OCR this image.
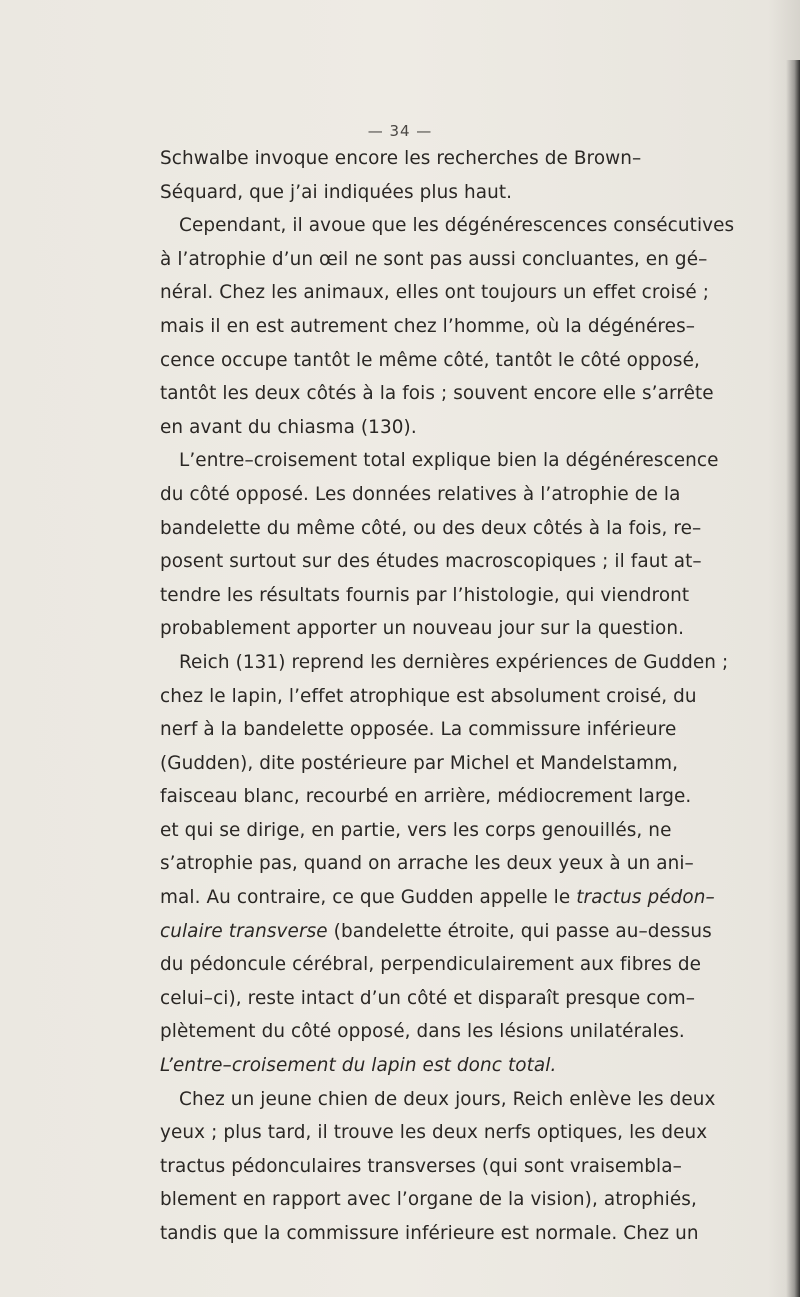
— 34 —
Schwalbe invoque encore les recherches de Brown–
Séquard, que j’ai indiquées plus haut.
Cependant, il avoue que les dégénérescences consécutives
à l’atrophie d’un œil ne sont pas aussi concluantes, en gé–
néral. Chez les animaux, elles ont toujours un effet croisé ;
mais il en est autrement chez l’homme, où la dégénéres–
cence occupe tantôt le même côté, tantôt le côté opposé,
tantôt les deux côtés à la fois ; souvent encore elle s’arrête
en avant du chiasma (130).
L’entre–croisement total explique bien la dégénérescence
du côté opposé. Les données relatives à l’atrophie de la
bandelette du même côté, ou des deux côtés à la fois, re–
posent surtout sur des études macroscopiques ; il faut at–
tendre les résultats fournis par l’histologie, qui viendront
probablement apporter un nouveau jour sur la question.
Reich (131) reprend les dernières expériences de Gudden ;
chez le lapin, l’effet atrophique est absolument croisé, du
nerf à la bandelette opposée. La commissure inférieure
(Gudden), dite postérieure par Michel et Mandelstamm,
faisceau blanc, recourbé en arrière, médiocrement large.
et qui se dirige, en partie, vers les corps genouillés, ne
s’atrophie pas, quand on arrache les deux yeux à un ani–
mal. Au contraire, ce que Gudden appelle le tractus pédon–
culaire transverse (bandelette étroite, qui passe au–dessus
du pédoncule cérébral, perpendiculairement aux fibres de
celui–ci), reste intact d’un côté et disparaît presque com–
plètement du côté opposé, dans les lésions unilatérales.
L’entre–croisement du lapin est donc total.
Chez un jeune chien de deux jours, Reich enlève les deux
yeux ; plus tard, il trouve les deux nerfs optiques, les deux
tractus pédonculaires transverses (qui sont vraisembla–
blement en rapport avec l’organe de la vision), atrophiés,
tandis que la commissure inférieure est normale. Chez un
